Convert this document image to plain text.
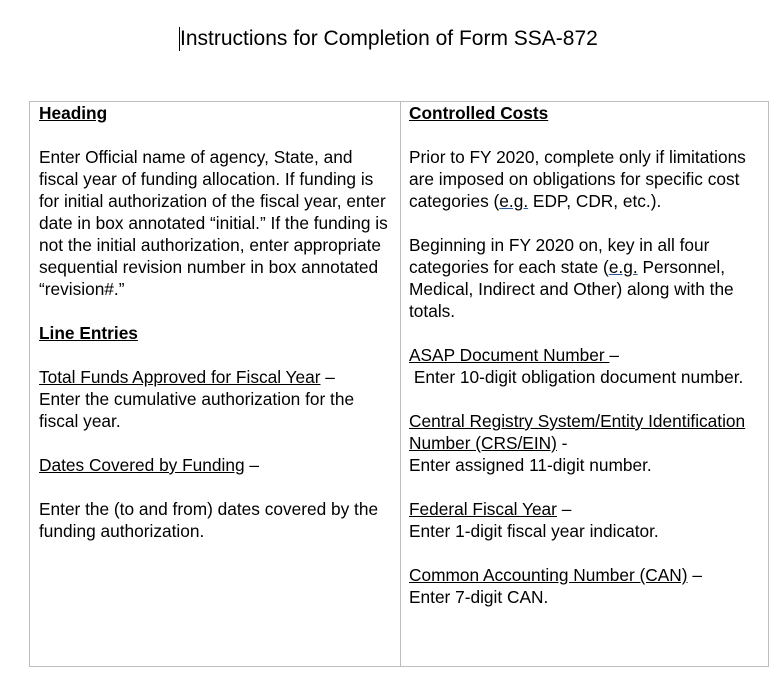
Instructions for Completion of Form SSA-872

Heading

Enter Official name of agency, State, and fiscal year of funding allocation. If funding is for initial authorization of the fiscal year, enter date in box annotated “initial.” If the funding is not the initial authorization, enter appropriate sequential revision number in box annotated “revision#.”

Line Entries

Total Funds Approved for Fiscal Year –

Enter the cumulative authorization for the fiscal year.

Dates Covered by Funding –

Enter the (to and from) dates covered by the funding authorization.

Controlled Costs

Prior to FY 2020, complete only if limitations are imposed on obligations for specific cost categories (e.g. EDP, CDR, etc.).

Beginning in FY 2020 on, key in all four categories for each state (e.g. Personnel, Medical, Indirect and Other) along with the totals.

ASAP Document Number –

Enter 10-digit obligation document number.

Central Registry System/Entity Identification Number (CRS/EIN) -

Enter assigned 11-digit number.

Federal Fiscal Year –

Enter 1-digit fiscal year indicator.

Common Accounting Number (CAN) –

Enter 7-digit CAN.
